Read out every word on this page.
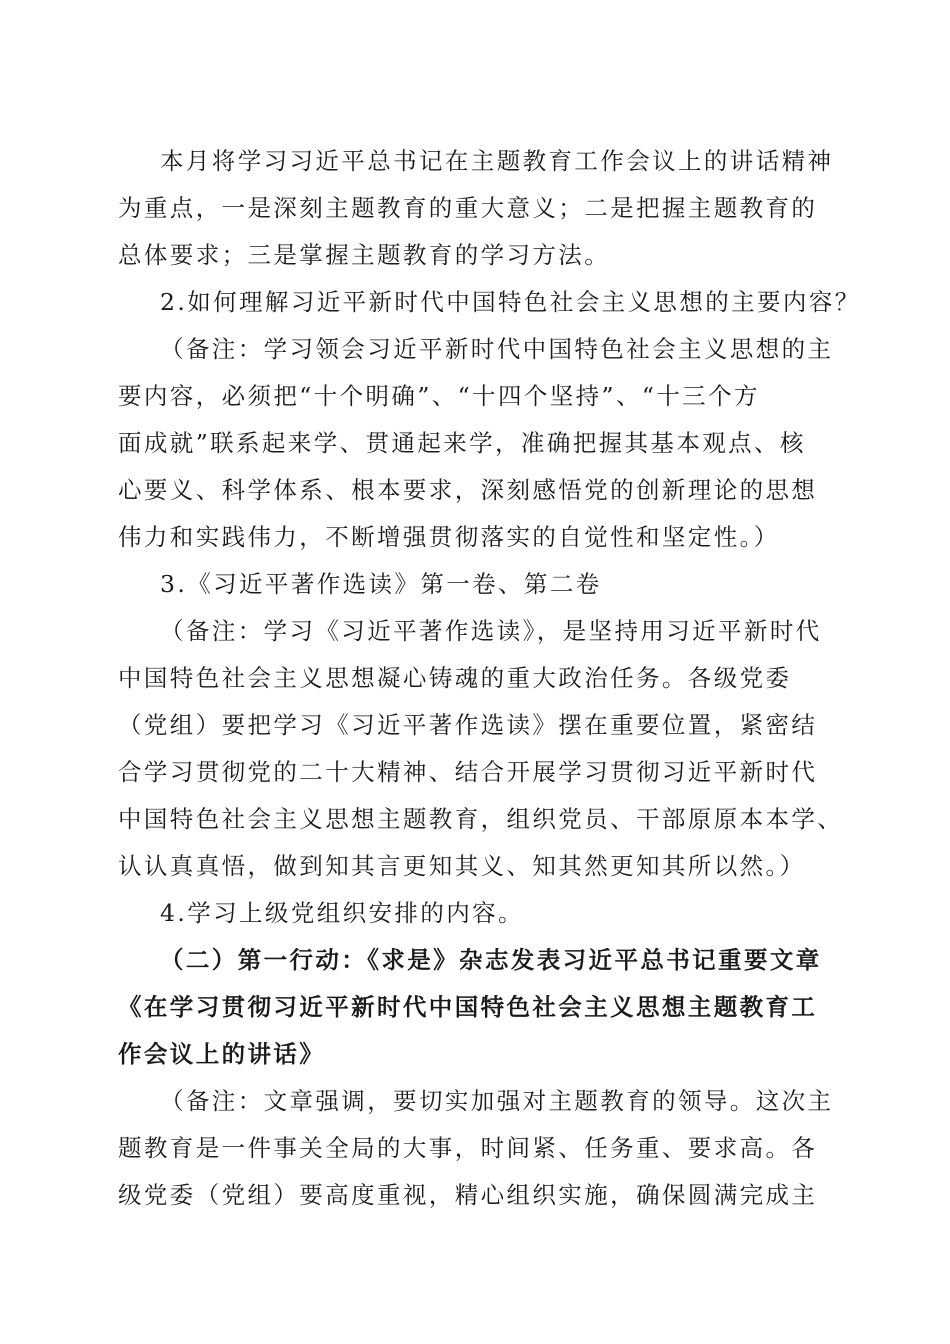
本月将学习习近平总书记在主题教育工作会议上的讲话精神
为重点，一是深刻主题教育的重大意义；二是把握主题教育的
总体要求；三是掌握主题教育的学习方法。
2.如何理解习近平新时代中国特色社会主义思想的主要内容？
（备注：学习领会习近平新时代中国特色社会主义思想的主
要内容，必须把“十个明确”、“十四个坚持”、“十三个方
面成就”联系起来学、贯通起来学，准确把握其基本观点、核
心要义、科学体系、根本要求，深刻感悟党的创新理论的思想
伟力和实践伟力，不断增强贯彻落实的自觉性和坚定性。）
3.《习近平著作选读》第一卷、第二卷
（备注：学习《习近平著作选读》，是坚持用习近平新时代
中国特色社会主义思想凝心铸魂的重大政治任务。各级党委
（党组）要把学习《习近平著作选读》摆在重要位置，紧密结
合学习贯彻党的二十大精神、结合开展学习贯彻习近平新时代
中国特色社会主义思想主题教育，组织党员、干部原原本本学、
认认真真悟，做到知其言更知其义、知其然更知其所以然。）
4.学习上级党组织安排的内容。
（二）第一行动：《求是》杂志发表习近平总书记重要文章
《在学习贯彻习近平新时代中国特色社会主义思想主题教育工
作会议上的讲话》
（备注：文章强调，要切实加强对主题教育的领导。这次主
题教育是一件事关全局的大事，时间紧、任务重、要求高。各
级党委（党组）要高度重视，精心组织实施，确保圆满完成主
